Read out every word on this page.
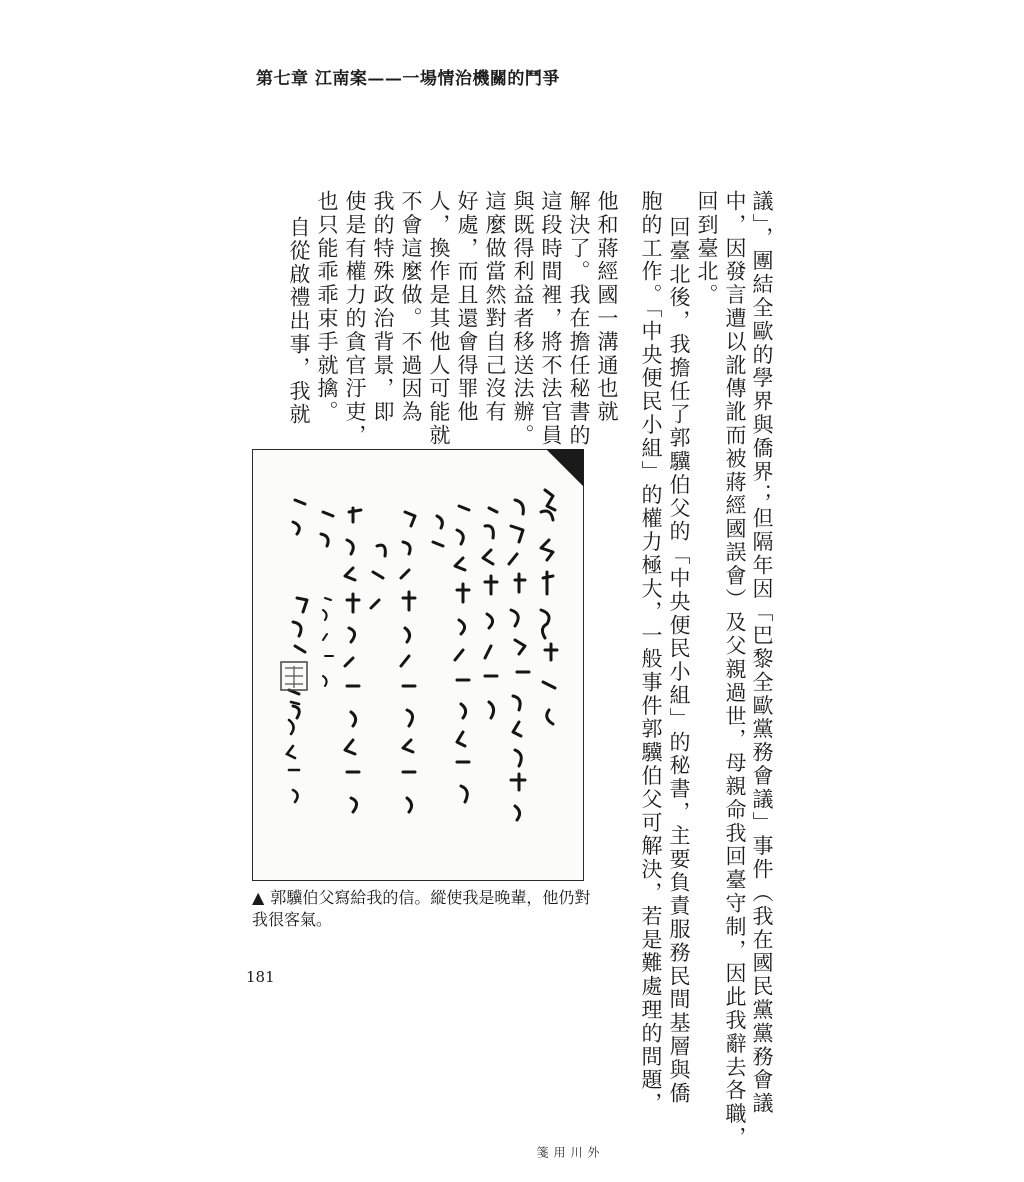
第七章 江南案——一場情治機關的鬥爭
議」，團結全歐的學界與僑界；但隔年因「巴黎全歐黨務會議」事件（我在國民黨黨務會議
中，因發言遭以訛傳訛而被蔣經國誤會）及父親過世，母親命我回臺守制，因此我辭去各職，
回到臺北。
回臺北後，我擔任了郭驥伯父的「中央便民小組」的秘書，主要負責服務民間基層與僑
胞的工作。「中央便民小組」的權力極大，一般事件郭驥伯父可解決，若是難處理的問題，
他和蔣經國一溝通也就
解決了。我在擔任秘書的
這段時間裡，將不法官員
與既得利益者移送法辦。
這麼做當然對自己沒有
好處，而且還會得罪他
人，換作是其他人可能就
不會這麼做。不過因為
我的特殊政治背景，即
使是有權力的貪官汙吏，
也只能乖乖束手就擒。
自從啟禮出事，我就
外川用箋
▲ 郭驥伯父寫給我的信。縱使我是晚輩，他仍對我很客氣。
181
